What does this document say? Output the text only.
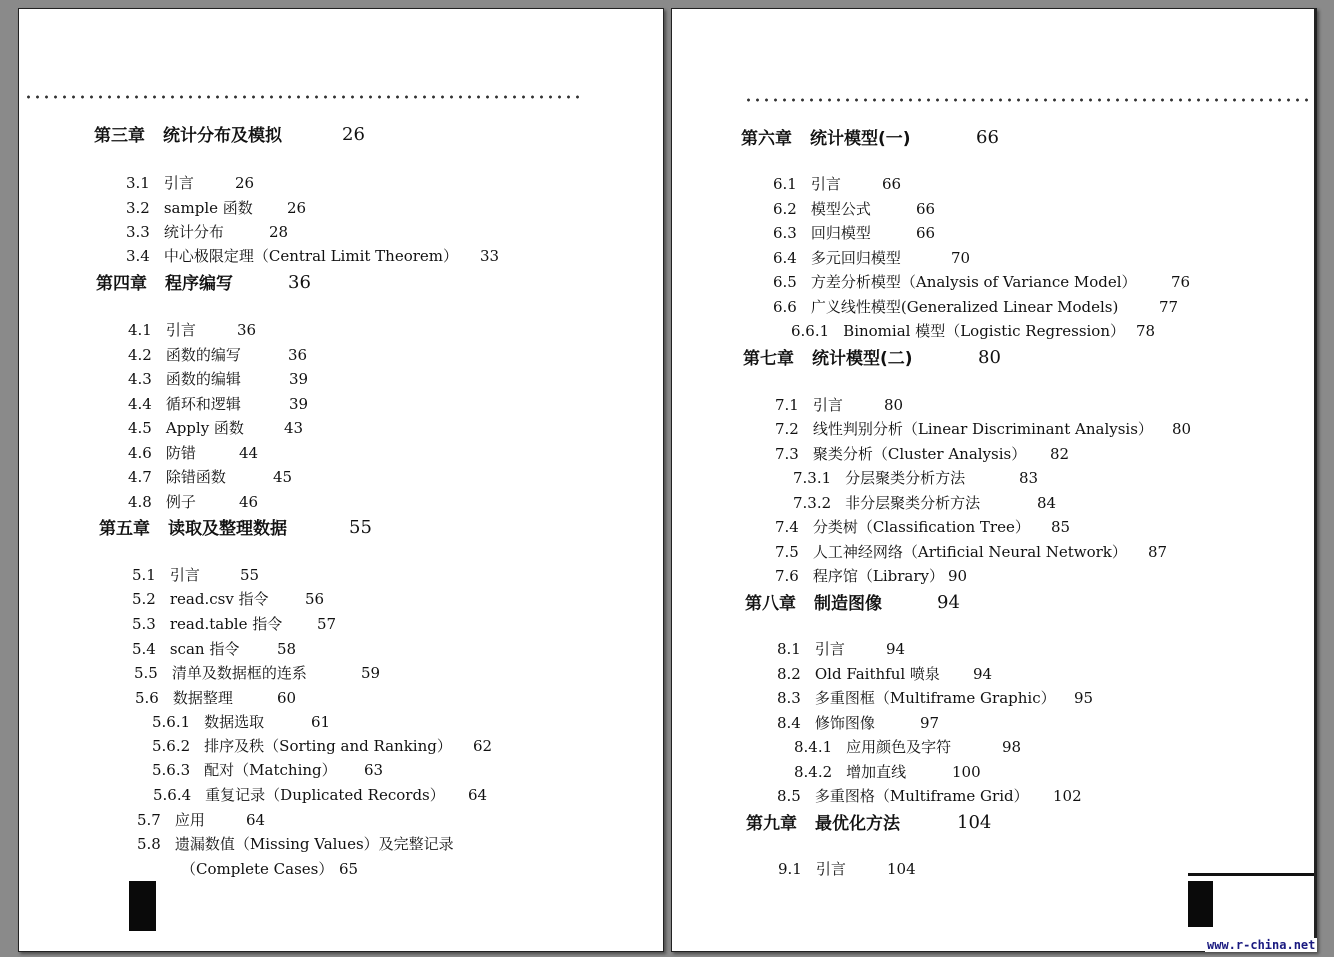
第三章 统计分布及模拟	26
3.1 引言	26
3.2 sample 函数 26
3.3 统计分布	28
3.4 中心极限定理（Central Limit Theorem） 33
第四章 程序编写	36
4.1 引言	36
4.2 函数的编写	36
4.3 函数的编辑	39
4.4 循环和逻辑	39
4.5 Apply 函数	43
4.6 防错	44
4.7 除错函数	45
4.8 例子	46
第五章 读取及整理数据	55
5.1 引言	55
5.2 read.csv 指令 56
5.3 read.table 指令 57
5.4 scan 指令	58
5.5 清单及数据框的连系	59
5.6 数据整理	60
5.6.1 数据选取	61
5.6.2 排序及秩（Sorting and Ranking） 62
5.6.3 配对（Matching） 63
5.6.4 重复记录（Duplicated Records） 64
5.7 应用	64
5.8 遗漏数值（Missing Values）及完整记录
（Complete Cases） 65
第六章 统计模型(一)	66
6.1 引言	66
6.2 模型公式	66
6.3 回归模型	66
6.4 多元回归模型	70
6.5 方差分析模型（Analysis of Variance Model） 76
6.6 广义线性模型(Generalized Linear Models)	77
6.6.1 Binomial 模型（Logistic Regression） 78
第七章 统计模型(二)	80
7.1 引言	80
7.2 线性判别分析（Linear Discriminant Analysis） 80
7.3 聚类分析（Cluster Analysis） 82
7.3.1 分层聚类分析方法	83
7.3.2 非分层聚类分析方法	84
7.4 分类树（Classification Tree） 85
7.5 人工神经网络（Artificial Neural Network） 87
7.6 程序馆（Library） 90
第八章 制造图像	94
8.1 引言	94
8.2 Old Faithful 喷泉 94
8.3 多重图框（Multiframe Graphic） 95
8.4 修饰图像	97
8.4.1 应用颜色及字符	98
8.4.2 增加直线	100
8.5 多重图格（Multiframe Grid） 102
第九章 最优化方法	104
9.1 引言	104
www.r-china.net
